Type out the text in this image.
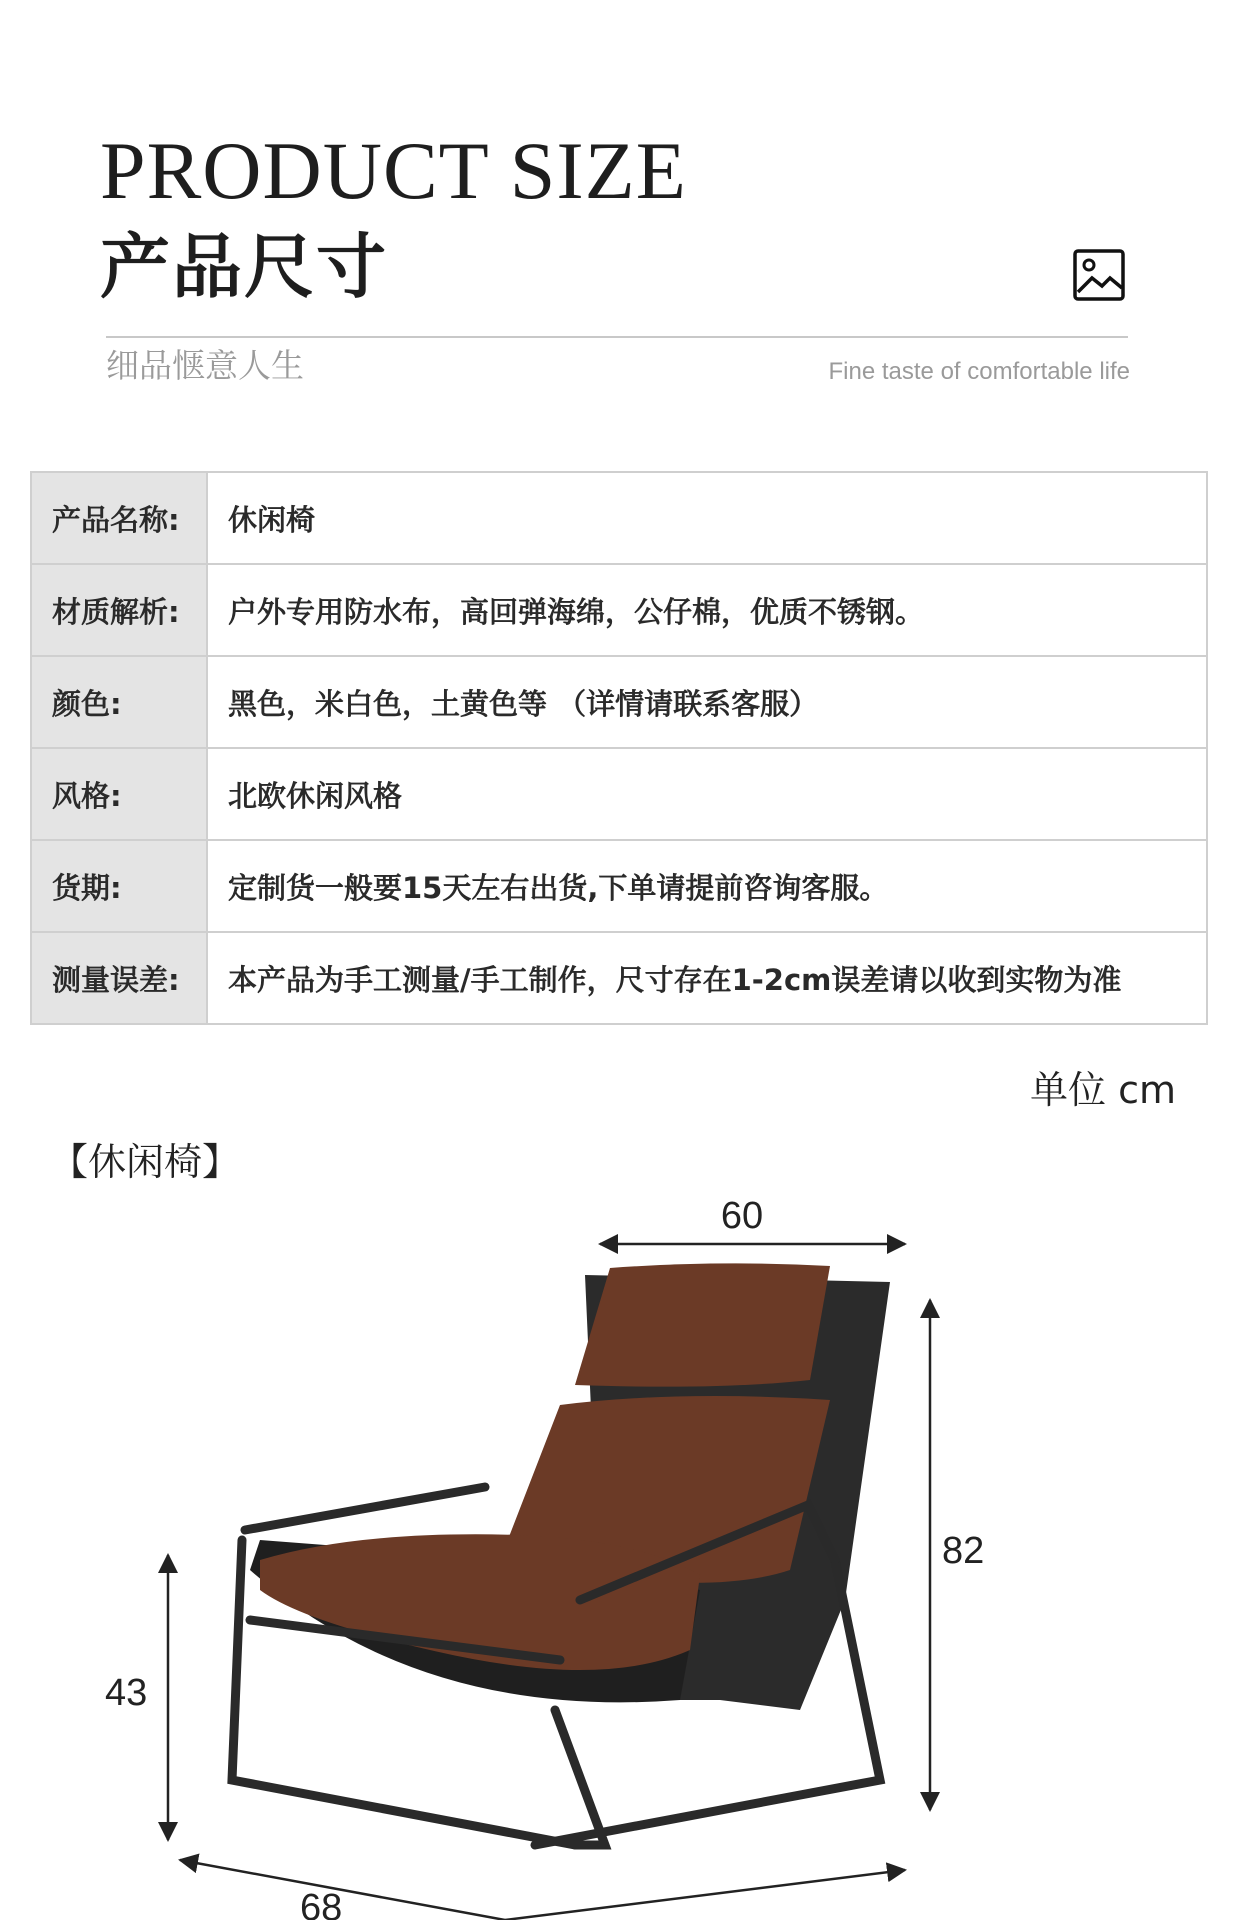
PRODUCT SIZE
产品尺寸
细品惬意人生	Fine taste of comfortable life
产品名称:	休闲椅
材质解析:	户外专用防水布，高回弹海绵，公仔棉，优质不锈钢。
颜色:	黑色，米白色，土黄色等 （详情请联系客服）
风格:	北欧休闲风格
货期:	定制货一般要15天左右出货,下单请提前咨询客服。
测量误差:	本产品为手工测量/手工制作，尺寸存在1-2cm误差请以收到实物为准
单位 cm
【休闲椅】
60
82
43
68
